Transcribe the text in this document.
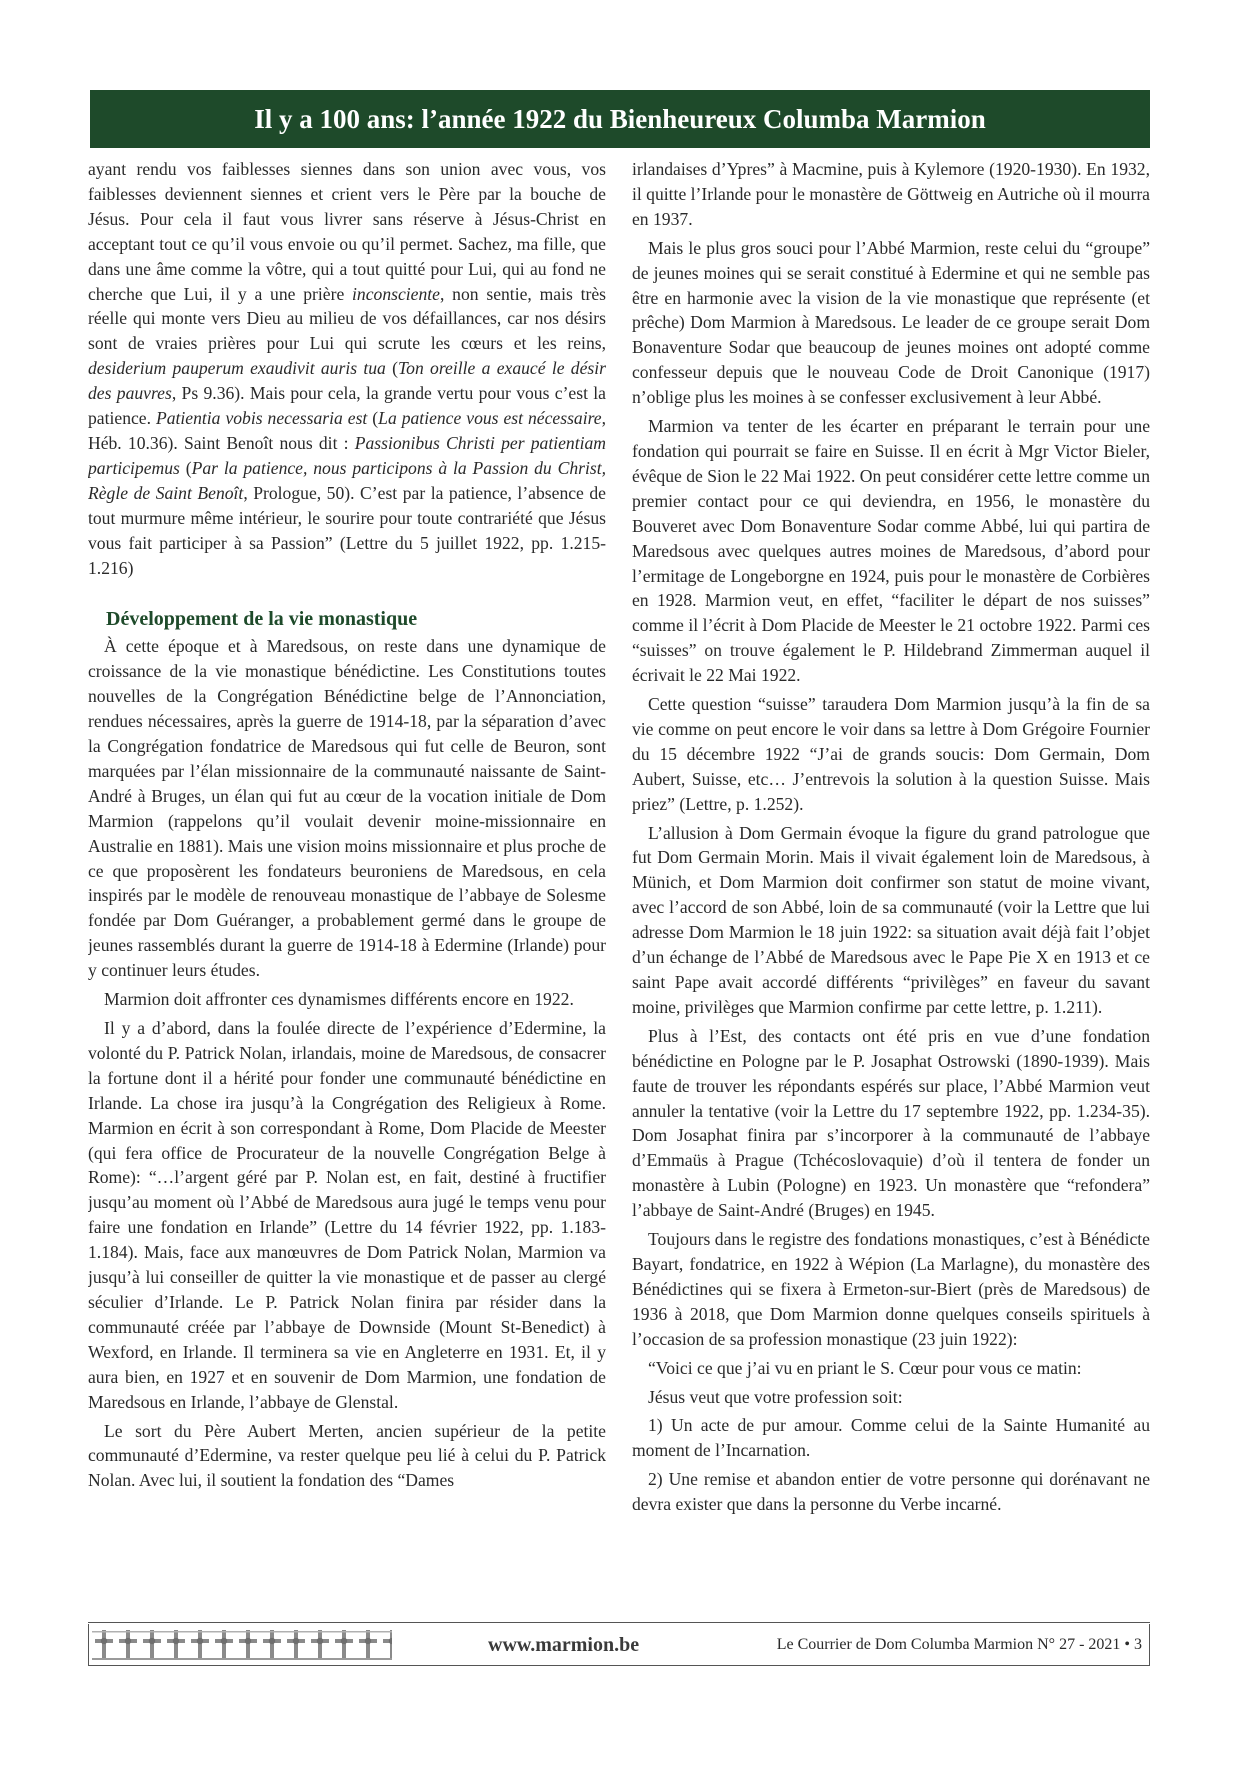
Il y a 100 ans: l’année 1922 du Bienheureux Columba Marmion

ayant rendu vos faiblesses siennes dans son union avec vous, vos faiblesses deviennent siennes et crient vers le Père par la bouche de Jésus. Pour cela il faut vous livrer sans réserve à Jésus-Christ en acceptant tout ce qu’il vous envoie ou qu’il permet. Sachez, ma fille, que dans une âme comme la vôtre, qui a tout quitté pour Lui, qui au fond ne cherche que Lui, il y a une prière inconsciente, non sentie, mais très réelle qui monte vers Dieu au milieu de vos défaillances, car nos désirs sont de vraies prières pour Lui qui scrute les cœurs et les reins, desiderium pauperum exaudivit auris tua (Ton oreille a exaucé le désir des pauvres, Ps 9.36). Mais pour cela, la grande vertu pour vous c’est la patience. Patientia vobis necessaria est (La patience vous est nécessaire, Héb. 10.36). Saint Benoît nous dit : Passionibus Christi per patientiam participemus (Par la patience, nous participons à la Passion du Christ, Règle de Saint Benoît, Prologue, 50). C’est par la patience, l’absence de tout murmure même intérieur, le sourire pour toute contrariété que Jésus vous fait participer à sa Passion” (Lettre du 5 juillet 1922, pp. 1.215-1.216)

Développement de la vie monastique

À cette époque et à Maredsous, on reste dans une dynamique de croissance de la vie monastique bénédictine. Les Constitutions toutes nouvelles de la Congrégation Bénédictine belge de l’Annonciation, rendues nécessaires, après la guerre de 1914-18, par la séparation d’avec la Congrégation fondatrice de Maredsous qui fut celle de Beuron, sont marquées par l’élan missionnaire de la communauté naissante de Saint-André à Bruges, un élan qui fut au cœur de la vocation initiale de Dom Marmion (rappelons qu’il voulait devenir moine-missionnaire en Australie en 1881). Mais une vision moins missionnaire et plus proche de ce que proposèrent les fondateurs beuroniens de Maredsous, en cela inspirés par le modèle de renouveau monastique de l’abbaye de Solesme fondée par Dom Guéranger, a probablement germé dans le groupe de jeunes rassemblés durant la guerre de 1914-18 à Edermine (Irlande) pour y continuer leurs études.

Marmion doit affronter ces dynamismes différents encore en 1922.

Il y a d’abord, dans la foulée directe de l’expérience d’Edermine, la volonté du P. Patrick Nolan, irlandais, moine de Maredsous, de consacrer la fortune dont il a hérité pour fonder une communauté bénédictine en Irlande. La chose ira jusqu’à la Congrégation des Religieux à Rome. Marmion en écrit à son correspondant à Rome, Dom Placide de Meester (qui fera office de Procurateur de la nouvelle Congrégation Belge à Rome): “…l’argent géré par P. Nolan est, en fait, destiné à fructifier jusqu’au moment où l’Abbé de Maredsous aura jugé le temps venu pour faire une fondation en Irlande” (Lettre du 14 février 1922, pp. 1.183-1.184). Mais, face aux manœuvres de Dom Patrick Nolan, Marmion va jusqu’à lui conseiller de quitter la vie monastique et de passer au clergé séculier d’Irlande. Le P. Patrick Nolan finira par résider dans la communauté créée par l’abbaye de Downside (Mount St-Benedict) à Wexford, en Irlande. Il terminera sa vie en Angleterre en 1931. Et, il y aura bien, en 1927 et en souvenir de Dom Marmion, une fondation de Maredsous en Irlande, l’abbaye de Glenstal.

Le sort du Père Aubert Merten, ancien supérieur de la petite communauté d’Edermine, va rester quelque peu lié à celui du P. Patrick Nolan. Avec lui, il soutient la fondation des “Dames

irlandaises d’Ypres” à Macmine, puis à Kylemore (1920-1930). En 1932, il quitte l’Irlande pour le monastère de Göttweig en Autriche où il mourra en 1937.

Mais le plus gros souci pour l’Abbé Marmion, reste celui du “groupe” de jeunes moines qui se serait constitué à Edermine et qui ne semble pas être en harmonie avec la vision de la vie monastique que représente (et prêche) Dom Marmion à Maredsous. Le leader de ce groupe serait Dom Bonaventure Sodar que beaucoup de jeunes moines ont adopté comme confesseur depuis que le nouveau Code de Droit Canonique (1917) n’oblige plus les moines à se confesser exclusivement à leur Abbé.

Marmion va tenter de les écarter en préparant le terrain pour une fondation qui pourrait se faire en Suisse. Il en écrit à Mgr Victor Bieler, évêque de Sion le 22 Mai 1922. On peut considérer cette lettre comme un premier contact pour ce qui deviendra, en 1956, le monastère du Bouveret avec Dom Bonaventure Sodar comme Abbé, lui qui partira de Maredsous avec quelques autres moines de Maredsous, d’abord pour l’ermitage de Longeborgne en 1924, puis pour le monastère de Corbières en 1928. Marmion veut, en effet, “faciliter le départ de nos suisses” comme il l’écrit à Dom Placide de Meester le 21 octobre 1922. Parmi ces “suisses” on trouve également le P. Hildebrand Zimmerman auquel il écrivait le 22 Mai 1922.

Cette question “suisse” taraudera Dom Marmion jusqu’à la fin de sa vie comme on peut encore le voir dans sa lettre à Dom Grégoire Fournier du 15 décembre 1922 “J’ai de grands soucis: Dom Germain, Dom Aubert, Suisse, etc… J’entrevois la solution à la question Suisse. Mais priez” (Lettre, p. 1.252).

L’allusion à Dom Germain évoque la figure du grand patrologue que fut Dom Germain Morin. Mais il vivait également loin de Maredsous, à Münich, et Dom Marmion doit confirmer son statut de moine vivant, avec l’accord de son Abbé, loin de sa communauté (voir la Lettre que lui adresse Dom Marmion le 18 juin 1922: sa situation avait déjà fait l’objet d’un échange de l’Abbé de Maredsous avec le Pape Pie X en 1913 et ce saint Pape avait accordé différents “privilèges” en faveur du savant moine, privilèges que Marmion confirme par cette lettre, p. 1.211).

Plus à l’Est, des contacts ont été pris en vue d’une fondation bénédictine en Pologne par le P. Josaphat Ostrowski (1890-1939). Mais faute de trouver les répondants espérés sur place, l’Abbé Marmion veut annuler la tentative (voir la Lettre du 17 septembre 1922, pp. 1.234-35). Dom Josaphat finira par s’incorporer à la communauté de l’abbaye d’Emmaüs à Prague (Tchécoslovaquie) d’où il tentera de fonder un monastère à Lubin (Pologne) en 1923. Un monastère que “refondera” l’abbaye de Saint-André (Bruges) en 1945.

Toujours dans le registre des fondations monastiques, c’est à Bénédicte Bayart, fondatrice, en 1922 à Wépion (La Marlagne), du monastère des Bénédictines qui se fixera à Ermeton-sur-Biert (près de Maredsous) de 1936 à 2018, que Dom Marmion donne quelques conseils spirituels à l’occasion de sa profession monastique (23 juin 1922):

“Voici ce que j’ai vu en priant le S. Cœur pour vous ce matin:

Jésus veut que votre profession soit:

1) Un acte de pur amour. Comme celui de la Sainte Humanité au moment de l’Incarnation.

2) Une remise et abandon entier de votre personne qui dorénavant ne devra exister que dans la personne du Verbe incarné.

www.marmion.be	Le Courrier de Dom Columba Marmion N° 27 - 2021 • 3
